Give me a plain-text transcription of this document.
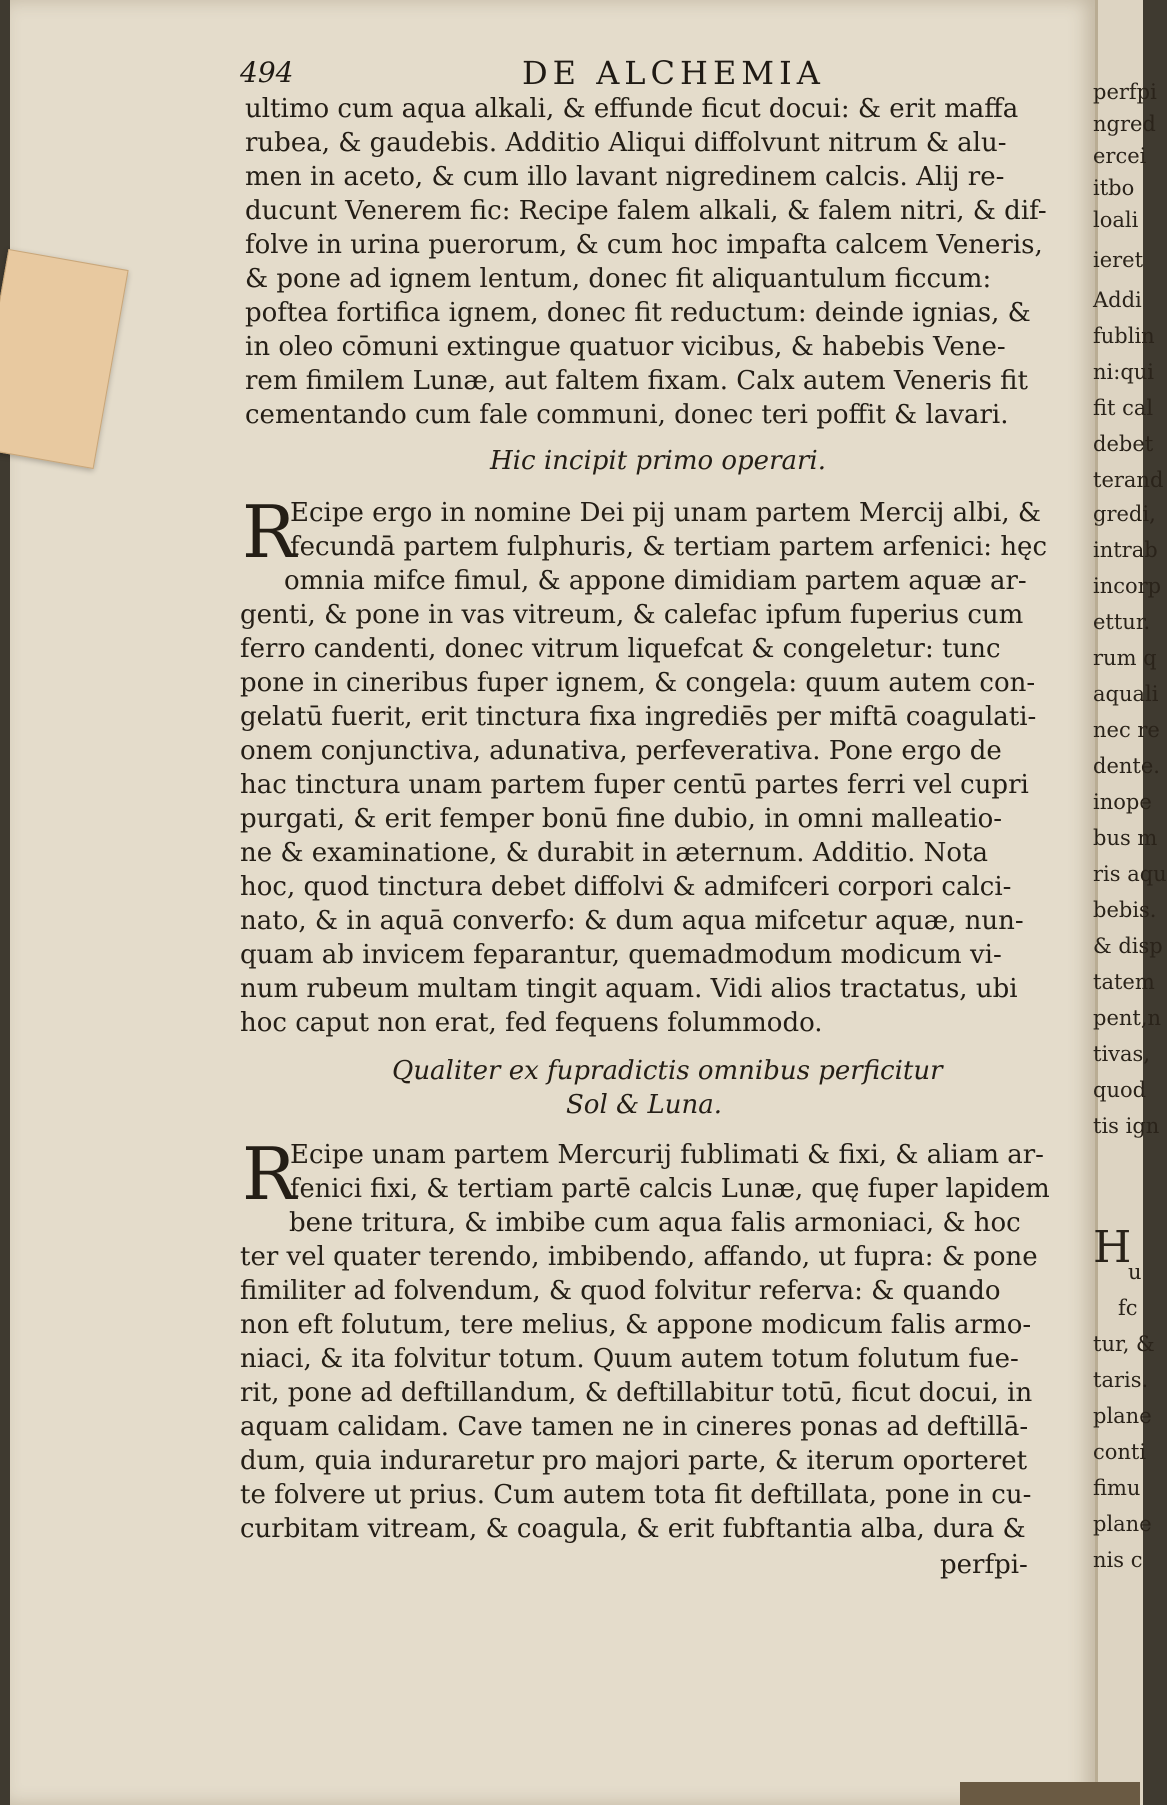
494	DE ALCHEMIA
ultimo cum aqua alkali, & effunde ficut docui: & erit maffa
rubea, & gaudebis. Additio Aliqui diffolvunt nitrum & alu-
men in aceto, & cum illo lavant nigredinem calcis. Alij re-
ducunt Venerem fic: Recipe falem alkali, & falem nitri, & dif-
folve in urina puerorum, & cum hoc impafta calcem Veneris,
& pone ad ignem lentum, donec fit aliquantulum ficcum:
poftea fortifica ignem, donec fit reductum: deinde ignias, &
in oleo cōmuni extingue quatuor vicibus, & habebis Vene-
rem fimilem Lunæ, aut faltem fixam. Calx autem Veneris fit
cementando cum fale communi, donec teri poffit & lavari.
Hic incipit primo operari.
R
Ecipe ergo in nomine Dei pij unam partem Mercij albi, &
fecundā partem fulphuris, & tertiam partem arfenici: hęc
omnia mifce fimul, & appone dimidiam partem aquæ ar-
genti, & pone in vas vitreum, & calefac ipfum fuperius cum
ferro candenti, donec vitrum liquefcat & congeletur: tunc
pone in cineribus fuper ignem, & congela: quum autem con-
gelatū fuerit, erit tinctura fixa ingrediēs per miftā coagulati-
onem conjunctiva, adunativa, perfeverativa. Pone ergo de
hac tinctura unam partem fuper centū partes ferri vel cupri
purgati, & erit femper bonū fine dubio, in omni malleatio-
ne & examinatione, & durabit in æternum. Additio. Nota
hoc, quod tinctura debet diffolvi & admifceri corpori calci-
nato, & in aquā converfo: & dum aqua mifcetur aquæ, nun-
quam ab invicem feparantur, quemadmodum modicum vi-
num rubeum multam tingit aquam. Vidi alios tractatus, ubi
hoc caput non erat, fed fequens folummodo.
Qualiter ex fupradictis omnibus perficitur
Sol & Luna.
R
Ecipe unam partem Mercurij fublimati & fixi, & aliam ar-
fenici fixi, & tertiam partē calcis Lunæ, quę fuper lapidem
bene tritura, & imbibe cum aqua falis armoniaci, & hoc
ter vel quater terendo, imbibendo, affando, ut fupra: & pone
fimiliter ad folvendum, & quod folvitur referva: & quando
non eft folutum, tere melius, & appone modicum falis armo-
niaci, & ita folvitur totum. Quum autem totum folutum fue-
rit, pone ad deftillandum, & deftillabitur totū, ficut docui, in
aquam calidam. Cave tamen ne in cineres ponas ad deftillā-
dum, quia induraretur pro majori parte, & iterum oporteret
te folvere ut prius. Cum autem tota fit deftillata, pone in cu-
curbitam vitream, & coagula, & erit fubftantia alba, dura &
perfpi-
perfpi
ngred
ercei
itbo
loali
ieret
Addi
fublin
ni:qui
fit cal
debet
terand
gredi,
intrab
incorp
ettur.
rum q
aquali
nec re
dente.
inope
bus m
ris aqu
bebis.
& disp
tatem
pent,n
tivas,
quod
tis ign
H
u
fc
tur, &
taris.
plane
conti
fimu
plane
nis c
